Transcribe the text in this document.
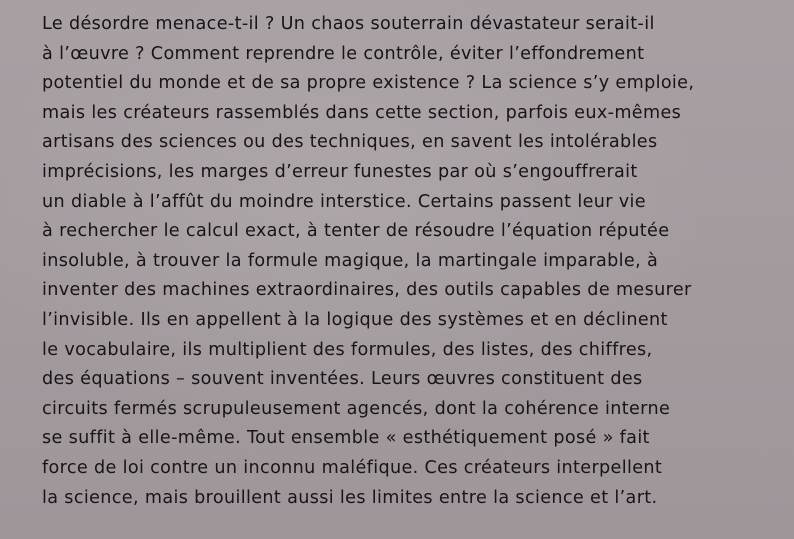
Le désordre menace-t-il ? Un chaos souterrain dévastateur serait-il
à l’œuvre ? Comment reprendre le contrôle, éviter l’effondrement
potentiel du monde et de sa propre existence ? La science s’y emploie,
mais les créateurs rassemblés dans cette section, parfois eux-mêmes
artisans des sciences ou des techniques, en savent les intolérables
imprécisions, les marges d’erreur funestes par où s’engouffrerait
un diable à l’affût du moindre interstice. Certains passent leur vie
à rechercher le calcul exact, à tenter de résoudre l’équation réputée
insoluble, à trouver la formule magique, la martingale imparable, à
inventer des machines extraordinaires, des outils capables de mesurer
l’invisible. Ils en appellent à la logique des systèmes et en déclinent
le vocabulaire, ils multiplient des formules, des listes, des chiffres,
des équations – souvent inventées. Leurs œuvres constituent des
circuits fermés scrupuleusement agencés, dont la cohérence interne
se suffit à elle-même. Tout ensemble « esthétiquement posé » fait
force de loi contre un inconnu maléfique. Ces créateurs interpellent
la science, mais brouillent aussi les limites entre la science et l’art.
